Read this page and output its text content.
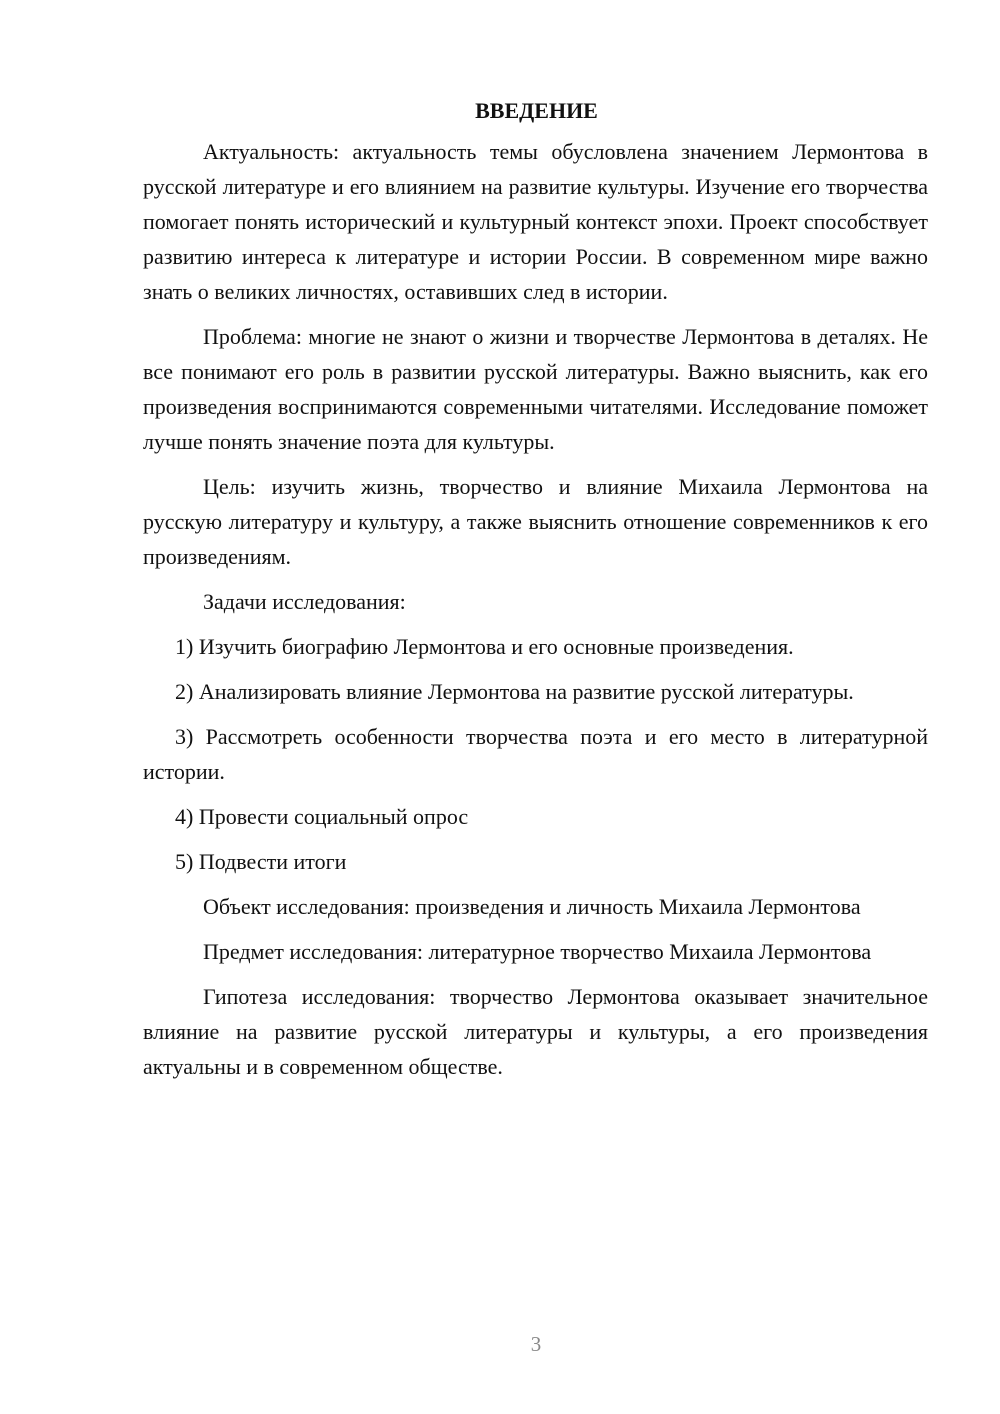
ВВЕДЕНИЕ

Актуальность: актуальность темы обусловлена значением Лермонтова в русской литературе и его влиянием на развитие культуры. Изучение его творчества помогает понять исторический и культурный контекст эпохи. Проект способствует развитию интереса к литературе и истории России. В современном мире важно знать о великих личностях, оставивших след в истории.

Проблема: многие не знают о жизни и творчестве Лермонтова в деталях. Не все понимают его роль в развитии русской литературы. Важно выяснить, как его произведения воспринимаются современными читателями. Исследование поможет лучше понять значение поэта для культуры.

Цель: изучить жизнь, творчество и влияние Михаила Лермонтова на русскую литературу и культуру, а также выяснить отношение современников к его произведениям.

Задачи исследования:

1) Изучить биографию Лермонтова и его основные произведения.

2) Анализировать влияние Лермонтова на развитие русской литературы.

3) Рассмотреть особенности творчества поэта и его место в литературной истории.

4) Провести социальный опрос

5) Подвести итоги

Объект исследования: произведения и личность Михаила Лермонтова

Предмет исследования: литературное творчество Михаила Лермонтова

Гипотеза исследования: творчество Лермонтова оказывает значительное влияние на развитие русской литературы и культуры, а его произведения актуальны и в современном обществе.

3
